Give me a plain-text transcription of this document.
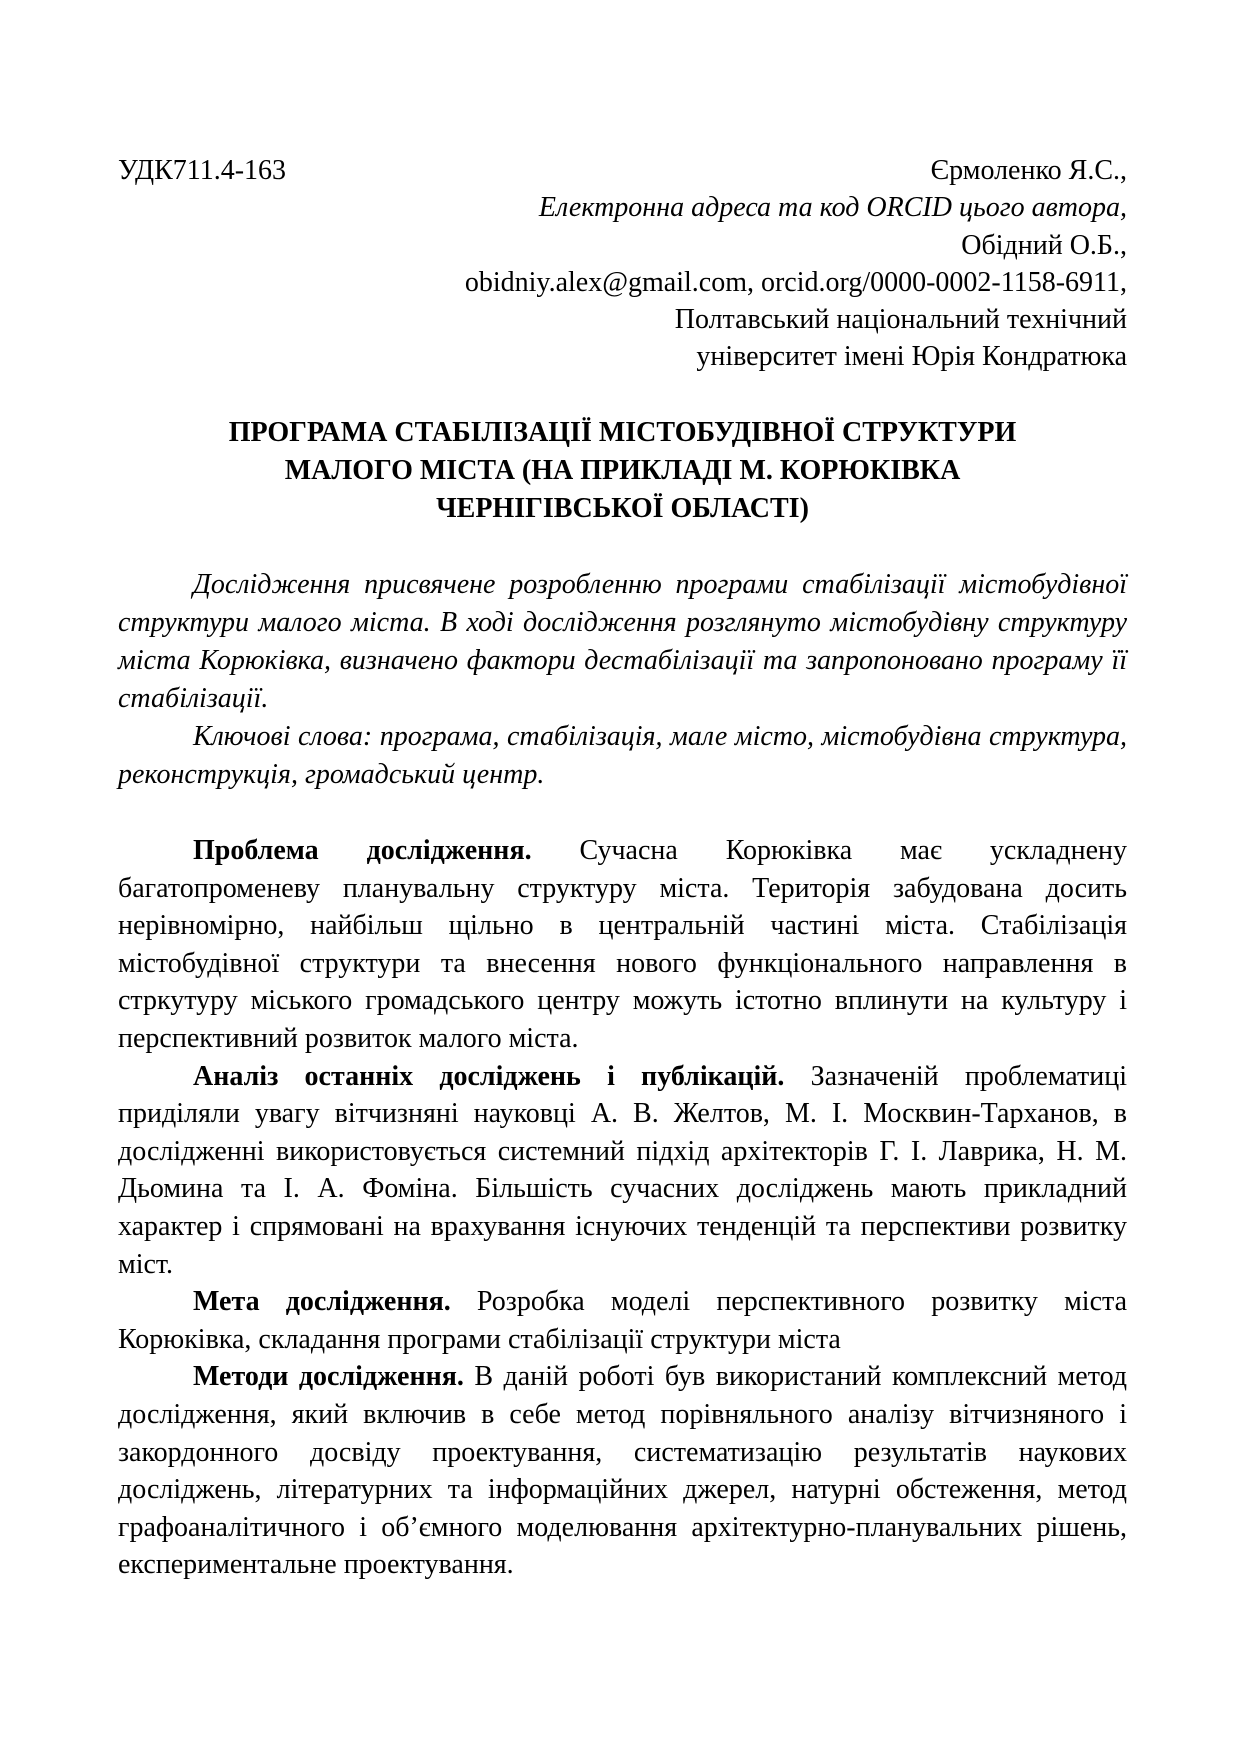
УДК711.4-163	Єрмоленко Я.С.,
Електронна адреса та код ORCID цього автора,
Обідний О.Б.,
obidniy.alex@gmail.com, orcid.org/0000-0002-1158-6911,
Полтавський національний технічний
університет імені Юрія Кондратюка
ПРОГРАМА СТАБІЛІЗАЦІЇ МІСТОБУДІВНОЇ СТРУКТУРИ
МАЛОГО МІСТА (НА ПРИКЛАДІ М. КОРЮКІВКА
ЧЕРНІГІВСЬКОЇ ОБЛАСТІ)

Дослідження присвячене розробленню програми стабілізації містобудівної структури малого міста. В ході дослідження розглянуто містобудівну структуру міста Корюківка, визначено фактори дестабілізації та запропоновано програму її стабілізації.

Ключові слова: програма, стабілізація, мале місто, містобудівна структура, реконструкція, громадський центр.

Проблема дослідження. Сучасна Корюківка має ускладнену багатопроменеву планувальну структуру міста. Територія забудована досить нерівномірно, найбільш щільно в центральній частині міста. Стабілізація містобудівної структури та внесення нового функціонального направлення в стркутуру міського громадського центру можуть істотно вплинути на культуру і перспективний розвиток малого міста.

Аналіз останніх досліджень і публікацій. Зазначеній проблематиці приділяли увагу вітчизняні науковці А. В. Желтов, М. І. Москвин-Тарханов, в дослідженні використовується системний підхід архітекторів Г. І. Лаврика, Н. М. Дьомина та І. А. Фоміна. Більшість сучасних досліджень мають прикладний характер і спрямовані на врахування існуючих тенденцій та перспективи розвитку міст.

Мета дослідження. Розробка моделі перспективного розвитку міста Корюківка, складання програми стабілізації структури міста

Методи дослідження. В даній роботі був використаний комплексний метод дослідження, який включив в себе метод порівняльного аналізу вітчизняного і закордонного досвіду проектування, систематизацію результатів наукових досліджень, літературних та інформаційних джерел, натурні обстеження, метод графоаналітичного і об’ємного моделювання архітектурно-планувальних рішень, експериментальне проектування.
